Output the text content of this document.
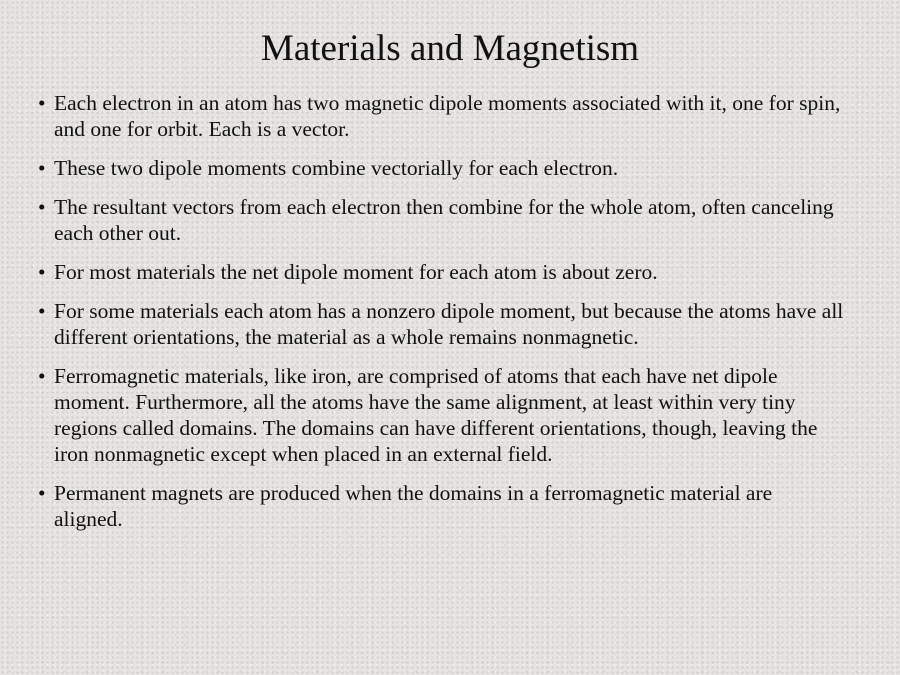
Materials and Magnetism
• Each electron in an atom has two magnetic dipole moments associated with it, one for spin, and one for orbit. Each is a vector.
• These two dipole moments combine vectorially for each electron.
• The resultant vectors from each electron then combine for the whole atom, often canceling each other out.
• For most materials the net dipole moment for each atom is about zero.
• For some materials each atom has a nonzero dipole moment, but because the atoms have all different orientations, the material as a whole remains nonmagnetic.
• Ferromagnetic materials, like iron, are comprised of atoms that each have net dipole moment. Furthermore, all the atoms have the same alignment, at least within very tiny regions called domains. The domains can have different orientations, though, leaving the iron nonmagnetic except when placed in an external field.
• Permanent magnets are produced when the domains in a ferromagnetic material are aligned.
